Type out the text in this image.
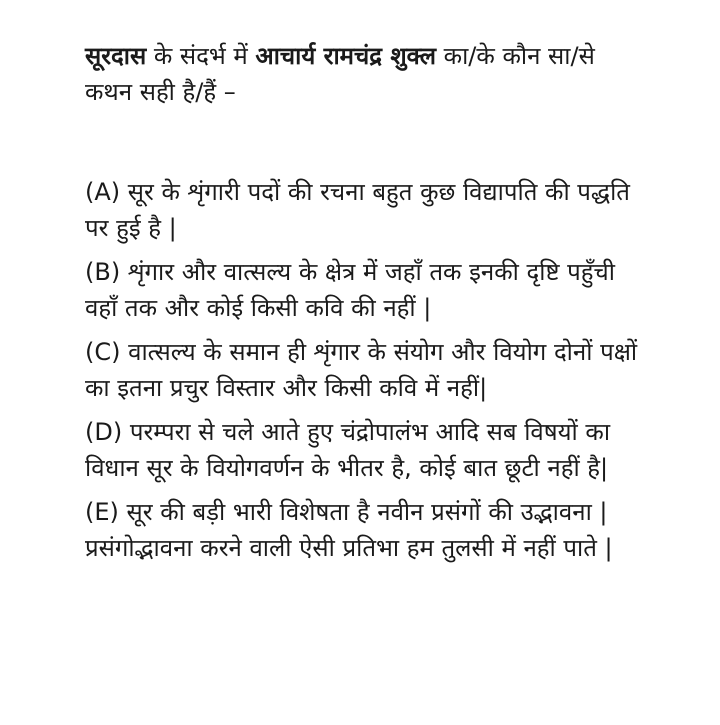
सूरदास के संदर्भ में आचार्य रामचंद्र शुक्ल का/के कौन सा/से कथन सही है/हैं –

(A) सूर के शृंगारी पदों की रचना बहुत कुछ विद्यापति की पद्धति पर हुई है |

(B) शृंगार और वात्सल्य के क्षेत्र में जहाँ तक इनकी दृष्टि पहुँची वहाँ तक और कोई किसी कवि की नहीं |

(C) वात्सल्य के समान ही शृंगार के संयोग और वियोग दोनों पक्षों का इतना प्रचुर विस्तार और किसी कवि में नहीं|

(D) परम्परा से चले आते हुए चंद्रोपालंभ आदि सब विषयों का विधान सूर के वियोगवर्णन के भीतर है, कोई बात छूटी नहीं है|

(E) सूर की बड़ी भारी विशेषता है नवीन प्रसंगों की उद्भावना | प्रसंगोद्भावना करने वाली ऐसी प्रतिभा हम तुलसी में नहीं पाते |
